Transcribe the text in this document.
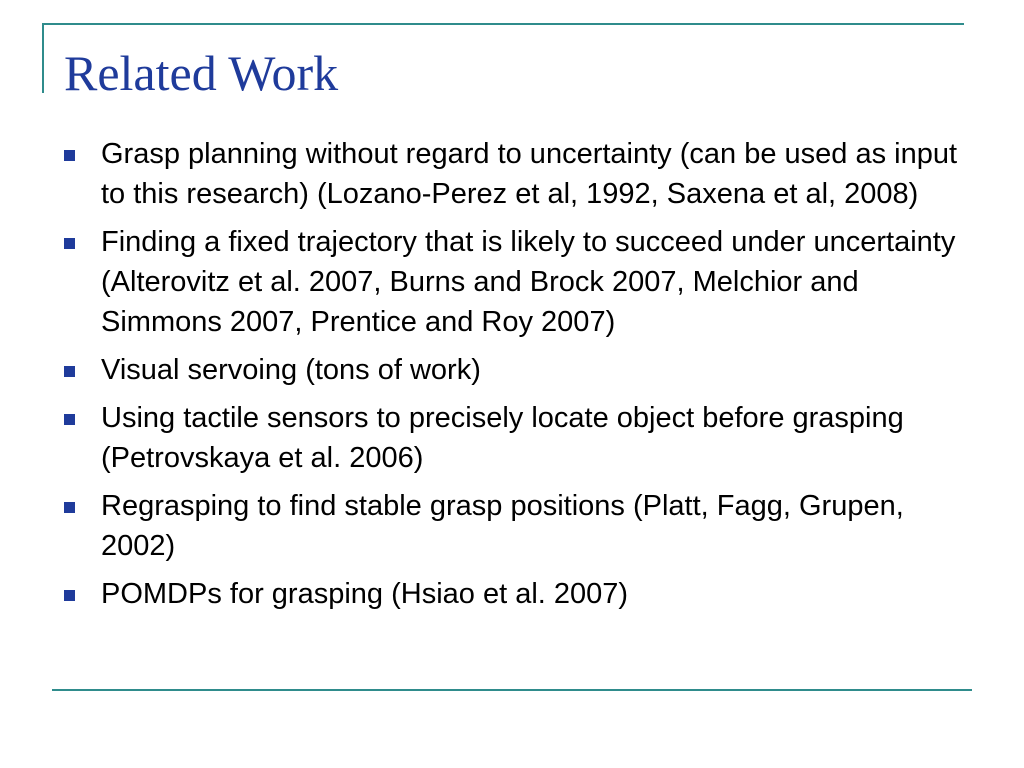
Related Work
Grasp planning without regard to uncertainty (can be used as input to this research) (Lozano-Perez et al, 1992, Saxena et al, 2008)
Finding a fixed trajectory that is likely to succeed under uncertainty (Alterovitz et al. 2007, Burns and Brock 2007, Melchior and Simmons 2007, Prentice and Roy 2007)
Visual servoing (tons of work)
Using tactile sensors to precisely locate object before grasping (Petrovskaya et al. 2006)
Regrasping to find stable grasp positions (Platt, Fagg, Grupen, 2002)
POMDPs for grasping (Hsiao et al. 2007)
